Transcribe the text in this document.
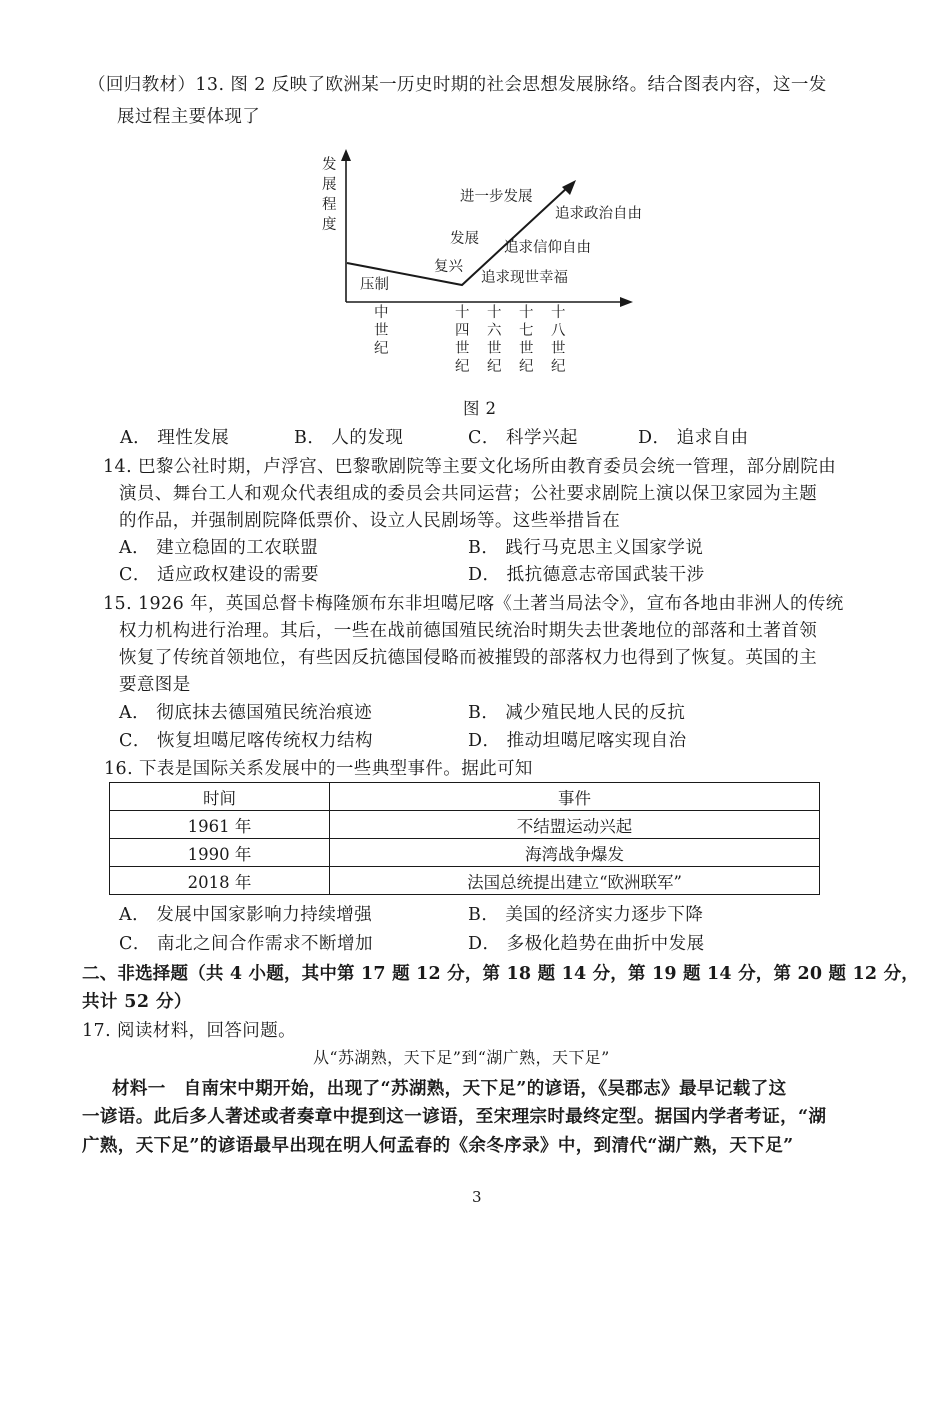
（回归教材）13. 图 2 反映了欧洲某一历史时期的社会思想发展脉络。结合图表内容，这一发
展过程主要体现了
发
展
程
度
压制
复兴
发展
进一步发展
追求现世幸福
追求信仰自由
追求政治自由
中
世
纪
十
四
世
纪
十
六
世
纪
十
七
世
纪
十
八
世
纪
图 2
A． 理性发展	B． 人的发现	C． 科学兴起	D． 追求自由
14. 巴黎公社时期，卢浮宫、巴黎歌剧院等主要文化场所由教育委员会统一管理，部分剧院由
演员、舞台工人和观众代表组成的委员会共同运营；公社要求剧院上演以保卫家园为主题
的作品，并强制剧院降低票价、设立人民剧场等。这些举措旨在
A． 建立稳固的工农联盟	B． 践行马克思主义国家学说
C． 适应政权建设的需要	D． 抵抗德意志帝国武装干涉
15. 1926 年，英国总督卡梅隆颁布东非坦噶尼喀《土著当局法令》，宣布各地由非洲人的传统
权力机构进行治理。其后，一些在战前德国殖民统治时期失去世袭地位的部落和土著首领
恢复了传统首领地位，有些因反抗德国侵略而被摧毁的部落权力也得到了恢复。英国的主
要意图是
A． 彻底抹去德国殖民统治痕迹	B． 减少殖民地人民的反抗
C． 恢复坦噶尼喀传统权力结构	D． 推动坦噶尼喀实现自治
16. 下表是国际关系发展中的一些典型事件。据此可知
时间	事件
1961 年	不结盟运动兴起
1990 年	海湾战争爆发
2018 年	法国总统提出建立“欧洲联军”
A． 发展中国家影响力持续增强	B． 美国的经济实力逐步下降
C． 南北之间合作需求不断增加	D． 多极化趋势在曲折中发展
二、非选择题（共 4 小题，其中第 17 题 12 分，第 18 题 14 分，第 19 题 14 分，第 20 题 12 分，
共计 52 分）
17. 阅读材料，回答问题。
从“苏湖熟，天下足”到“湖广熟，天下足”
材料一　自南宋中期开始，出现了“苏湖熟，天下足”的谚语，《吴郡志》最早记载了这
一谚语。此后多人著述或者奏章中提到这一谚语，至宋理宗时最终定型。据国内学者考证，“湖
广熟，天下足”的谚语最早出现在明人何孟春的《余冬序录》中，到清代“湖广熟，天下足”
3
